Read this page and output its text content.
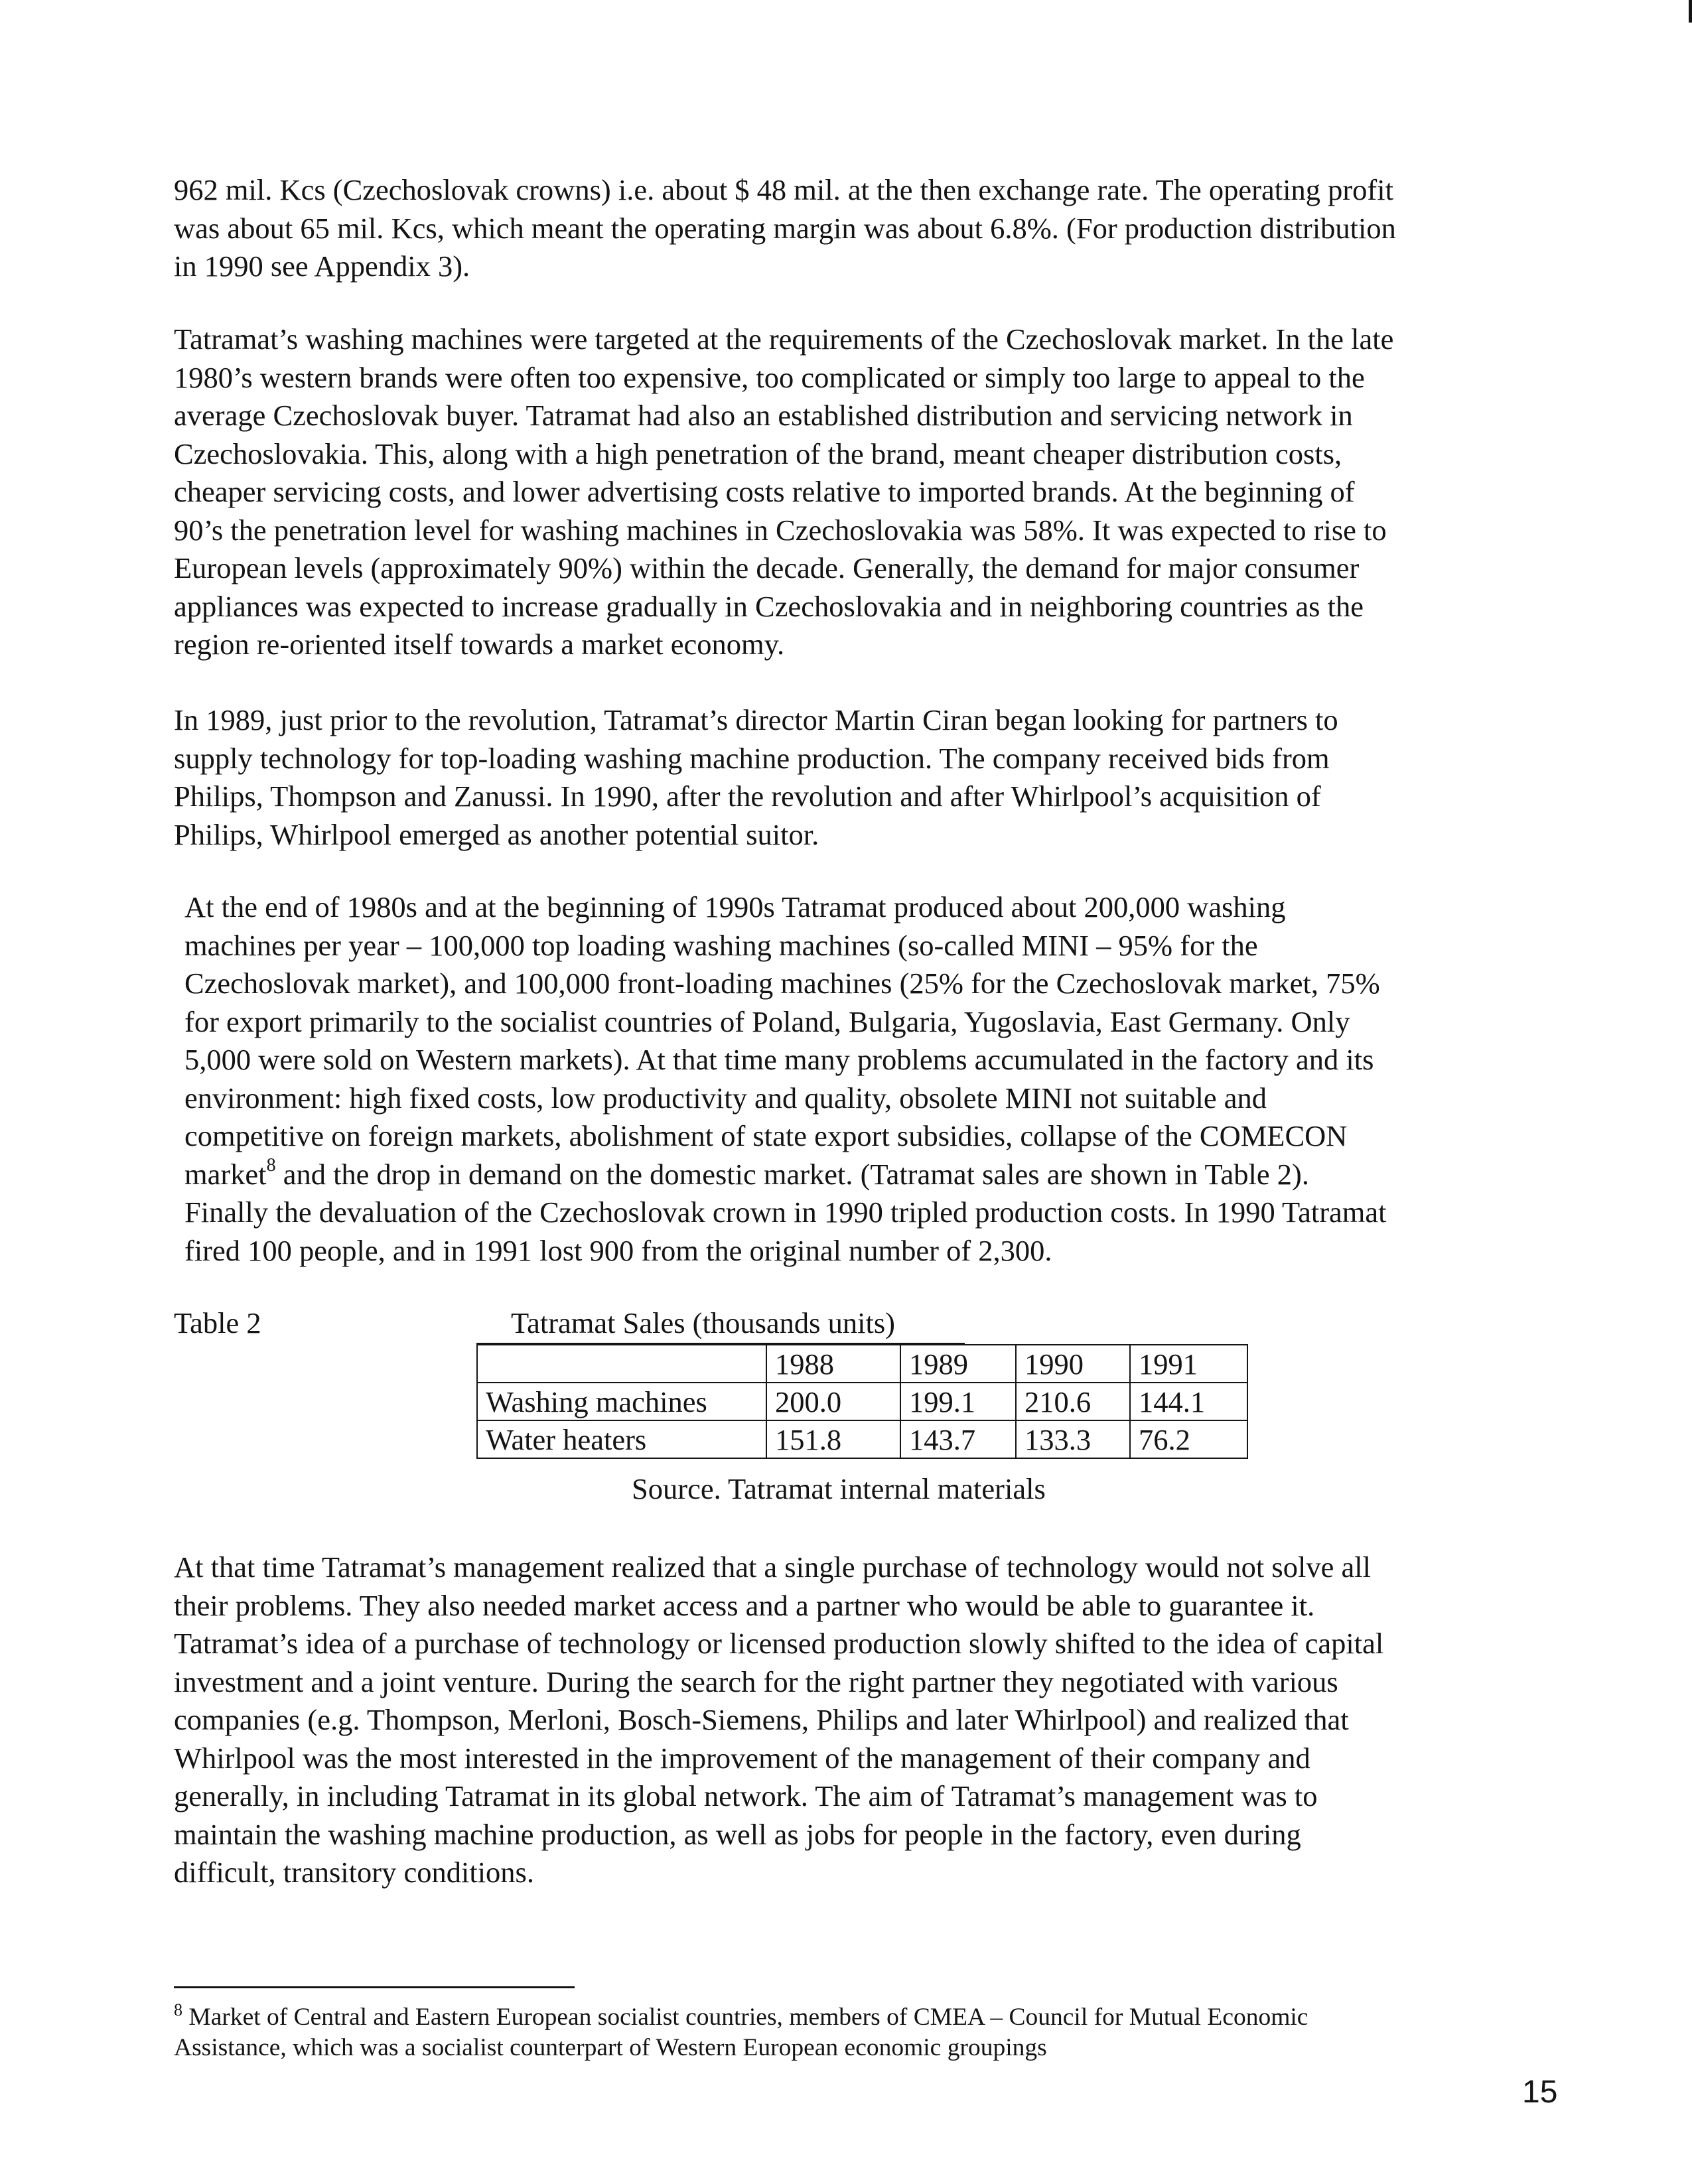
962 mil. Kcs (Czechoslovak crowns) i.e. about $ 48 mil. at the then exchange rate. The operating profit
was about 65 mil. Kcs, which meant the operating margin was about 6.8%. (For production distribution
in 1990 see Appendix 3).

Tatramat’s washing machines were targeted at the requirements of the Czechoslovak market. In the late
1980’s western brands were often too expensive, too complicated or simply too large to appeal to the
average Czechoslovak buyer. Tatramat had also an established distribution and servicing network in
Czechoslovakia. This, along with a high penetration of the brand, meant cheaper distribution costs,
cheaper servicing costs, and lower advertising costs relative to imported brands. At the beginning of
90’s the penetration level for washing machines in Czechoslovakia was 58%. It was expected to rise to
European levels (approximately 90%) within the decade. Generally, the demand for major consumer
appliances was expected to increase gradually in Czechoslovakia and in neighboring countries as the
region re-oriented itself towards a market economy.

In 1989, just prior to the revolution, Tatramat’s director Martin Ciran began looking for partners to
supply technology for top-loading washing machine production. The company received bids from
Philips, Thompson and Zanussi. In 1990, after the revolution and after Whirlpool’s acquisition of
Philips, Whirlpool emerged as another potential suitor.

At the end of 1980s and at the beginning of 1990s Tatramat produced about 200,000 washing
machines per year – 100,000 top loading washing machines (so-called MINI – 95% for the
Czechoslovak market), and 100,000 front-loading machines (25% for the Czechoslovak market, 75%
for export primarily to the socialist countries of Poland, Bulgaria, Yugoslavia, East Germany. Only
5,000 were sold on Western markets). At that time many problems accumulated in the factory and its
environment: high fixed costs, low productivity and quality, obsolete MINI not suitable and
competitive on foreign markets, abolishment of state export subsidies, collapse of the COMECON
market$^8$ and the drop in demand on the domestic market. (Tatramat sales are shown in Table 2).
Finally the devaluation of the Czechoslovak crown in 1990 tripled production costs. In 1990 Tatramat
fired 100 people, and in 1991 lost 900 from the original number of 2,300.

Table 2	Tatramat Sales (thousands units)

	1988	1989	1990	1991
Washing machines	200.0	199.1	210.6	144.1
Water heaters	151.8	143.7	133.3	76.2

Source. Tatramat internal materials

At that time Tatramat’s management realized that a single purchase of technology would not solve all
their problems. They also needed market access and a partner who would be able to guarantee it.
Tatramat’s idea of a purchase of technology or licensed production slowly shifted to the idea of capital
investment and a joint venture. During the search for the right partner they negotiated with various
companies (e.g. Thompson, Merloni, Bosch-Siemens, Philips and later Whirlpool) and realized that
Whirlpool was the most interested in the improvement of the management of their company and
generally, in including Tatramat in its global network. The aim of Tatramat’s management was to
maintain the washing machine production, as well as jobs for people in the factory, even during
difficult, transitory conditions.

$^8$ Market of Central and Eastern European socialist countries, members of CMEA – Council for Mutual Economic
Assistance, which was a socialist counterpart of Western European economic groupings

15
